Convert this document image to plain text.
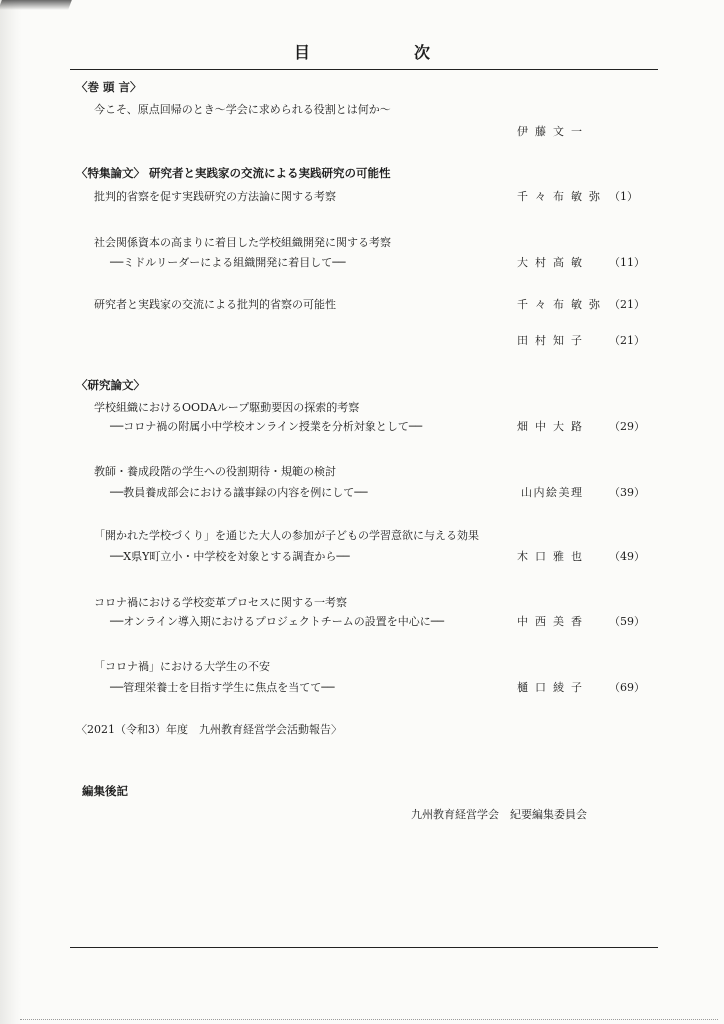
目　次
〈巻 頭 言〉
今こそ、原点回帰のとき〜学会に求められる役割とは何か〜
伊藤文一
〈特集論文〉 研究者と実践家の交流による実践研究の可能性
批判的省察を促す実践研究の方法論に関する考察	千々布敏弥 （1）
社会関係資本の高まりに着目した学校組織開発に関する考察
──ミドルリーダーによる組織開発に着目して──	大村高敏 （11）
研究者と実践家の交流による批判的省察の可能性	千々布敏弥 （21）
田村知子 （21）
〈研究論文〉
学校組織におけるOODAループ駆動要因の探索的考察
──コロナ禍の附属小中学校オンライン授業を分析対象として──	畑中大路 （29）
教師・養成段階の学生への役割期待・規範の検討
──教員養成部会における議事録の内容を例にして──	山内絵美理 （39）
「開かれた学校づくり」を通じた大人の参加が子どもの学習意欲に与える効果
──X県Y町立小・中学校を対象とする調査から──	木口雅也 （49）
コロナ禍における学校変革プロセスに関する一考察
──オンライン導入期におけるプロジェクトチームの設置を中心に──	中西美香 （59）
「コロナ禍」における大学生の不安
──管理栄養士を目指す学生に焦点を当てて──	樋口綾子 （69）
〈2021（令和3）年度　九州教育経営学会活動報告〉
編集後記
九州教育経営学会　紀要編集委員会
